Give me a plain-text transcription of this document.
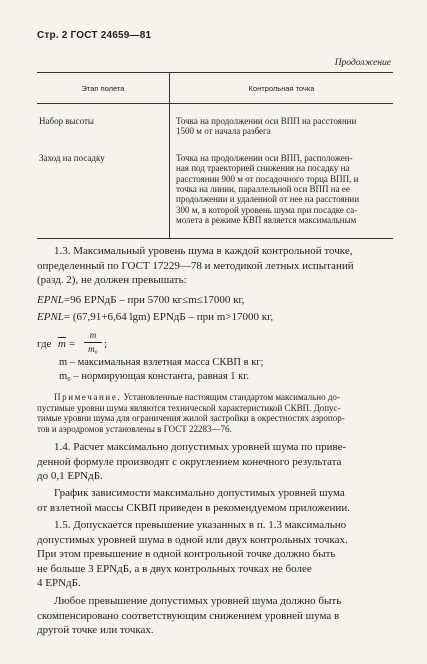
Стр. 2 ГОСТ 24659—81
Продолжение
Этап полета	Контрольная точка
Набор высоты	Точка на продолжении оси ВПП на расстоянии
1500 м от начала разбега
Заход на посадку	Точка на продолжении оси ВПП, расположен-
ная под траекторией снижения на посадку на
расстоянии 900 м от посадочного торца ВПП, и
точка на линии, параллельной оси ВПП на ее
продолжении и удаленной от нее на расстоянии
300 м, в которой уровень шума при посадке са-
молета в режиме КВП является максимальным
1.3. Максимальный уровень шума в каждой контрольной точке,
определенный по ГОСТ 17229—78 и методикой летных испытаний
(разд. 2), не должен превышать:
EPNL=96 EPNдБ – при 5700 кг≤m≤17000 кг,
EPNL= (67,91+6,64 lgm) EPNдБ – при m>17000 кг,
где $\overline{m}$ =
m
m₀ ;
m – максимальная взлетная масса СКВП в кг;
m₀ – нормирующая константа, равная 1 кг.
Примечание. Установленные настоящим стандартом максимально до-
пустимые уровни шума являются технической характеристикой СКВП. Допус-
тимые уровни шума для ограничения жилой застройки в окрестностях аэропор-
тов и аэродромов установлены в ГОСТ 22283—76.
1.4. Расчет максимально допустимых уровней шума по приве-
денной формуле производят с округлением конечного результата
до 0,1 EPNдБ.
График зависимости максимально допустимых уровней шума
от взлетной массы СКВП приведен в рекомендуемом приложении.
1.5. Допускается превышение указанных в п. 1.3 максимально
допустимых уровней шума в одной или двух контрольных точках.
При этом превышение в одной контрольной точке должно быть
не больше 3 EPNдБ, а в двух контрольных точках не более
4 EPNдБ.
Любое превышение допустимых уровней шума должно быть
скомпенсировано соответствующим снижением уровней шума в
другой точке или точках.
